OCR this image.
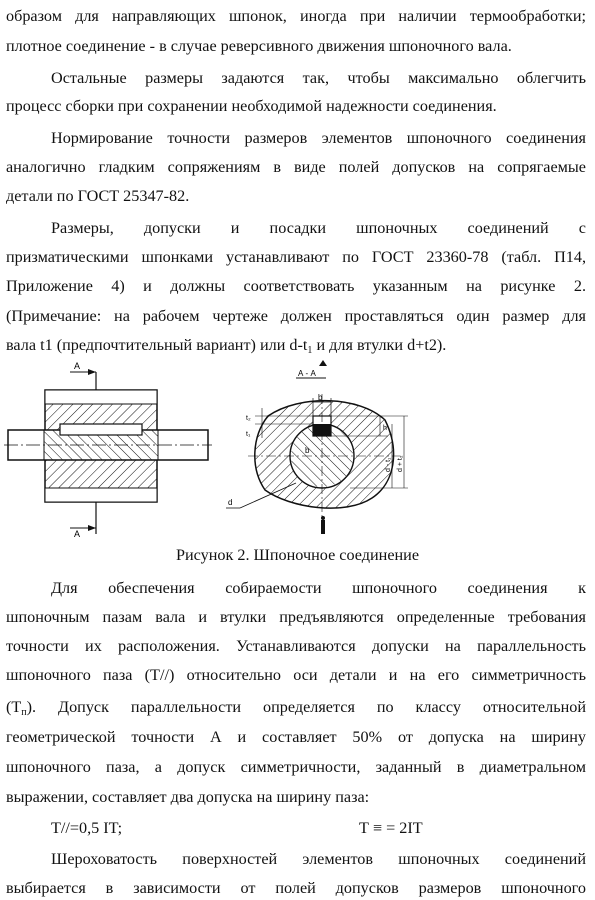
образом для направляющих шпонок, иногда при наличии термообработки;
плотное соединение - в случае реверсивного движения шпоночного вала.
Остальные размеры задаются так, чтобы максимально облегчить
процесс сборки при сохранении необходимой надежности соединения.
Нормирование точности размеров элементов шпоночного соединения
аналогично гладким сопряжениям в виде полей допусков на сопрягаемые
детали по ГОСТ 25347-82.
Размеры, допуски и посадки шпоночных соединений с
призматическими шпонками устанавливают по ГОСТ 23360-78 (табл. П14,
Приложение 4) и должны соответствовать указанным на рисунке 2.
(Примечание: на рабочем чертеже должен проставляться один размер для
вала t1 (предпочтительный вариант) или $d-t_1$ и для втулки d+t2).
A
A
А - А
b
b
t₂
t₁
h
d - t₁ d + t₂
d
Рисунок 2. Шпоночное соединение
Для обеспечения собираемости шпоночного соединения к
шпоночным пазам вала и втулки предъявляются определенные требования
точности их расположения. Устанавливаются допуски на параллельность
шпоночного паза (Т//) относительно оси детали и на его симметричность
$(Т_п)$. Допуск параллельности определяется по классу относительной
геометрической точности А и составляет 50% от допуска на ширину
шпоночного паза, а допуск симметричности, заданный в диаметральном
выражении, составляет два допуска на ширину паза:
Т//=0,5 IT;	Т ≡ = 2IT
Шероховатость поверхностей элементов шпоночных соединений
выбирается в зависимости от полей допусков размеров шпоночного
